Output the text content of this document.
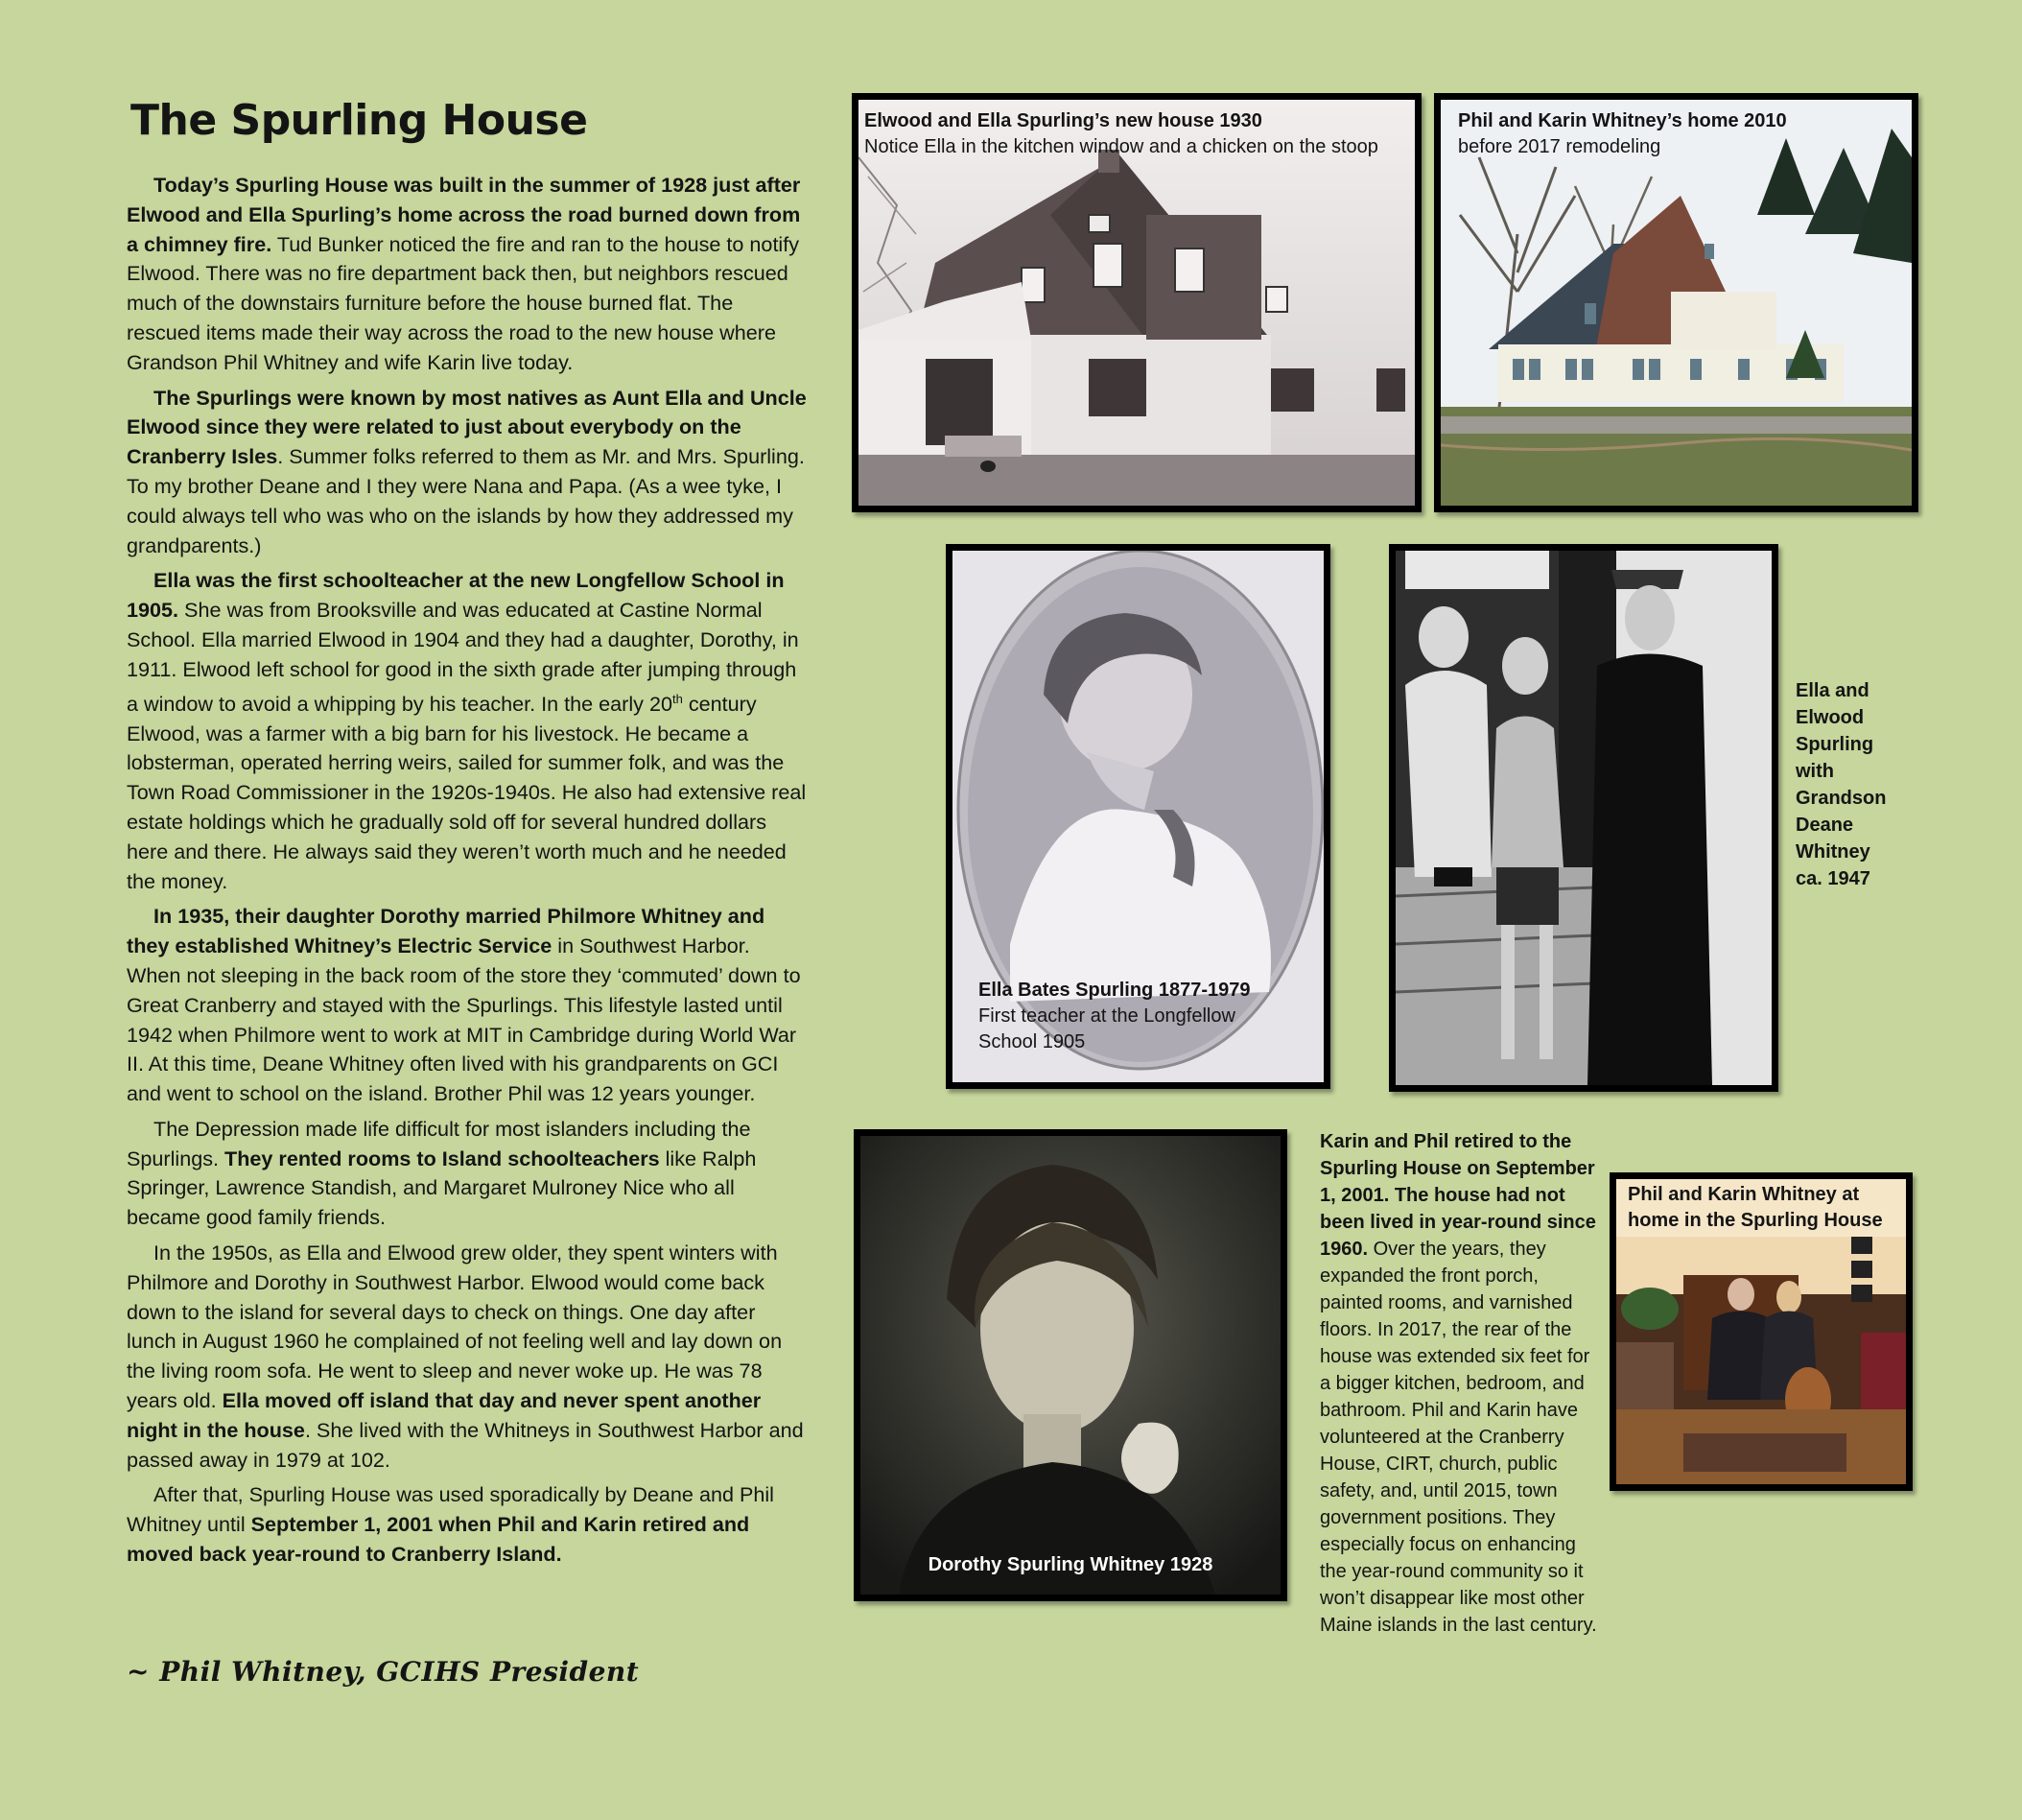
The Spurling House

Today’s Spurling House was built in the summer of 1928 just after Elwood and Ella Spurling’s home across the road burned down from a chimney fire. Tud Bunker noticed the fire and ran to the house to notify Elwood. There was no fire department back then, but neighbors rescued much of the downstairs furniture before the house burned flat. The rescued items made their way across the road to the new house where Grandson Phil Whitney and wife Karin live today.

The Spurlings were known by most natives as Aunt Ella and Uncle Elwood since they were related to just about everybody on the Cranberry Isles. Summer folks referred to them as Mr. and Mrs. Spurling. To my brother Deane and I they were Nana and Papa. (As a wee tyke, I could always tell who was who on the islands by how they addressed my grandparents.)

Ella was the first schoolteacher at the new Longfellow School in 1905. She was from Brooksville and was educated at Castine Normal School. Ella married Elwood in 1904 and they had a daughter, Dorothy, in 1911. Elwood left school for good in the sixth grade after jumping through a window to avoid a whipping by his teacher. In the early 20th century Elwood, was a farmer with a big barn for his livestock. He became a lobsterman, operated herring weirs, sailed for summer folk, and was the Town Road Commissioner in the 1920s-1940s. He also had extensive real estate holdings which he gradually sold off for several hundred dollars here and there. He always said they weren’t worth much and he needed the money.

In 1935, their daughter Dorothy married Philmore Whitney and they established Whitney’s Electric Service in Southwest Harbor. When not sleeping in the back room of the store they ‘commuted’ down to Great Cranberry and stayed with the Spurlings. This lifestyle lasted until 1942 when Philmore went to work at MIT in Cambridge during World War II. At this time, Deane Whitney often lived with his grandparents on GCI and went to school on the island. Brother Phil was 12 years younger.

The Depression made life difficult for most islanders including the Spurlings. They rented rooms to Island schoolteachers like Ralph Springer, Lawrence Standish, and Margaret Mulroney Nice who all became good family friends.

In the 1950s, as Ella and Elwood grew older, they spent winters with Philmore and Dorothy in Southwest Harbor. Elwood would come back down to the island for several days to check on things. One day after lunch in August 1960 he complained of not feeling well and lay down on the living room sofa. He went to sleep and never woke up. He was 78 years old. Ella moved off island that day and never spent another night in the house. She lived with the Whitneys in Southwest Harbor and passed away in 1979 at 102.

After that, Spurling House was used sporadically by Deane and Phil Whitney until September 1, 2001 when Phil and Karin retired and moved back year-round to Cranberry Island.

~ Phil Whitney, GCIHS President
Elwood and Ella Spurling’s new house 1930
Notice Ella in the kitchen window and a chicken on the stoop
Phil and Karin Whitney’s home 2010
before 2017 remodeling
Ella Bates Spurling 1877-1979
First teacher at the Longfellow
School 1905
Ella and
Elwood
Spurling
with
Grandson
Deane
Whitney
ca. 1947
Dorothy Spurling Whitney 1928
Karin and Phil retired to the Spurling House on September 1, 2001. The house had not been lived in year-round since 1960. Over the years, they expanded the front porch, painted rooms, and varnished floors. In 2017, the rear of the house was extended six feet for a bigger kitchen, bedroom, and bathroom. Phil and Karin have volunteered at the Cranberry House, CIRT, church, public safety, and, until 2015, town government positions. They especially focus on enhancing the year-round community so it won’t disappear like most other Maine islands in the last century.
Phil and Karin Whitney at
home in the Spurling House
